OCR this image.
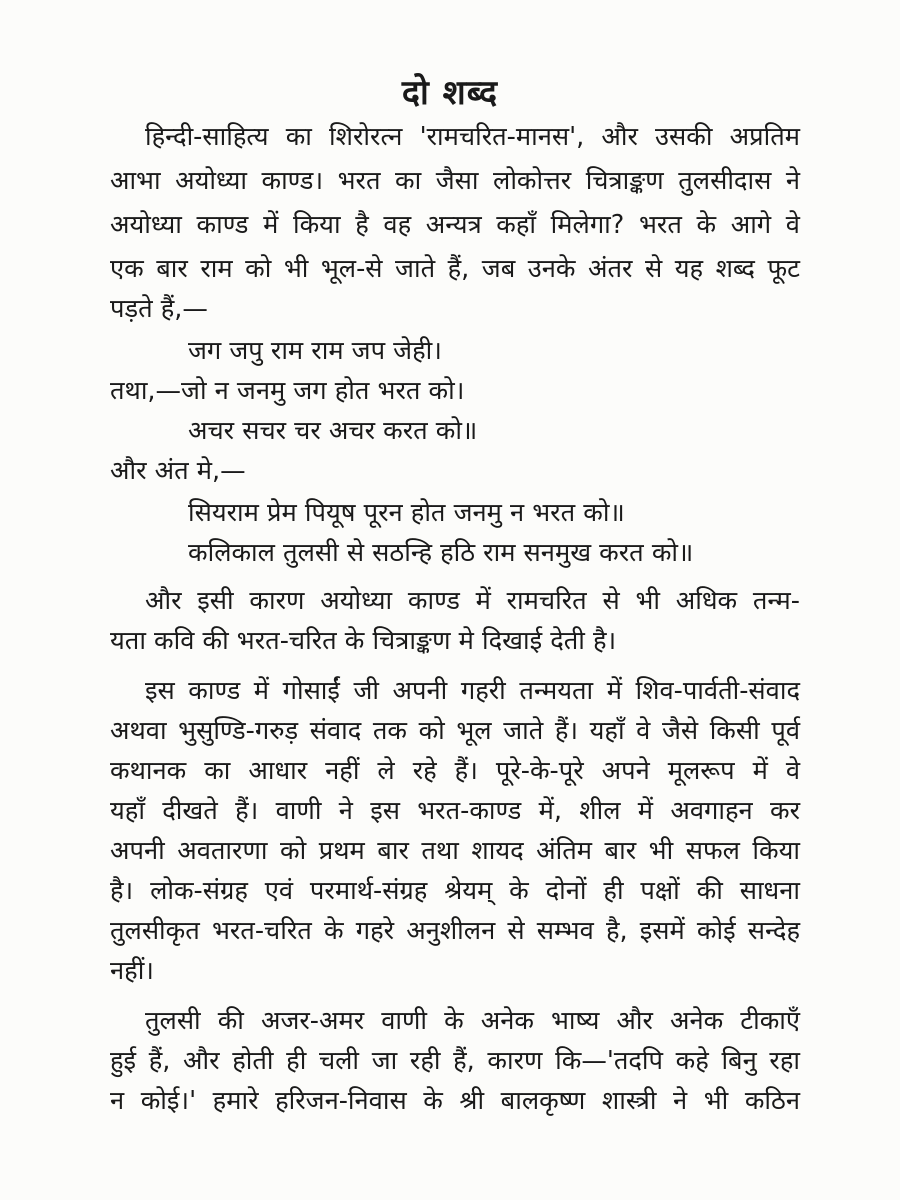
दो शब्द
हिन्दी-साहित्य का शिरोरत्न 'रामचरित-मानस', और उसकी अप्रतिम
आभा अयोध्या काण्ड। भरत का जैसा लोकोत्तर चित्राङ्कण तुलसीदास ने
अयोध्या काण्ड में किया है वह अन्यत्र कहाँ मिलेगा? भरत के आगे वे
एक बार राम को भी भूल-से जाते हैं, जब उनके अंतर से यह शब्द फूट
पड़ते हैं,—
जग जपु राम राम जप जेही।
तथा,—जो न जनमु जग होत भरत को।
अचर सचर चर अचर करत को॥
और अंत मे,—
सियराम प्रेम पियूष पूरन होत जनमु न भरत को॥
कलिकाल तुलसी से सठन्हि हठि राम सनमुख करत को॥
और इसी कारण अयोध्या काण्ड में रामचरित से भी अधिक तन्म-
यता कवि की भरत-चरित के चित्राङ्कण मे दिखाई देती है।
इस काण्ड में गोसाईं जी अपनी गहरी तन्मयता में शिव-पार्वती-संवाद
अथवा भुसुण्डि-गरुड़ संवाद तक को भूल जाते हैं। यहाँ वे जैसे किसी पूर्व
कथानक का आधार नहीं ले रहे हैं। पूरे-के-पूरे अपने मूलरूप में वे
यहाँ दीखते हैं। वाणी ने इस भरत-काण्ड में, शील में अवगाहन कर
अपनी अवतारणा को प्रथम बार तथा शायद अंतिम बार भी सफल किया
है। लोक-संग्रह एवं परमार्थ-संग्रह श्रेयम् के दोनों ही पक्षों की साधना
तुलसीकृत भरत-चरित के गहरे अनुशीलन से सम्भव है, इसमें कोई सन्देह
नहीं।
तुलसी की अजर-अमर वाणी के अनेक भाष्य और अनेक टीकाएँ
हुई हैं, और होती ही चली जा रही हैं, कारण कि—'तदपि कहे बिनु रहा
न कोई।' हमारे हरिजन-निवास के श्री बालकृष्ण शास्त्री ने भी कठिन
